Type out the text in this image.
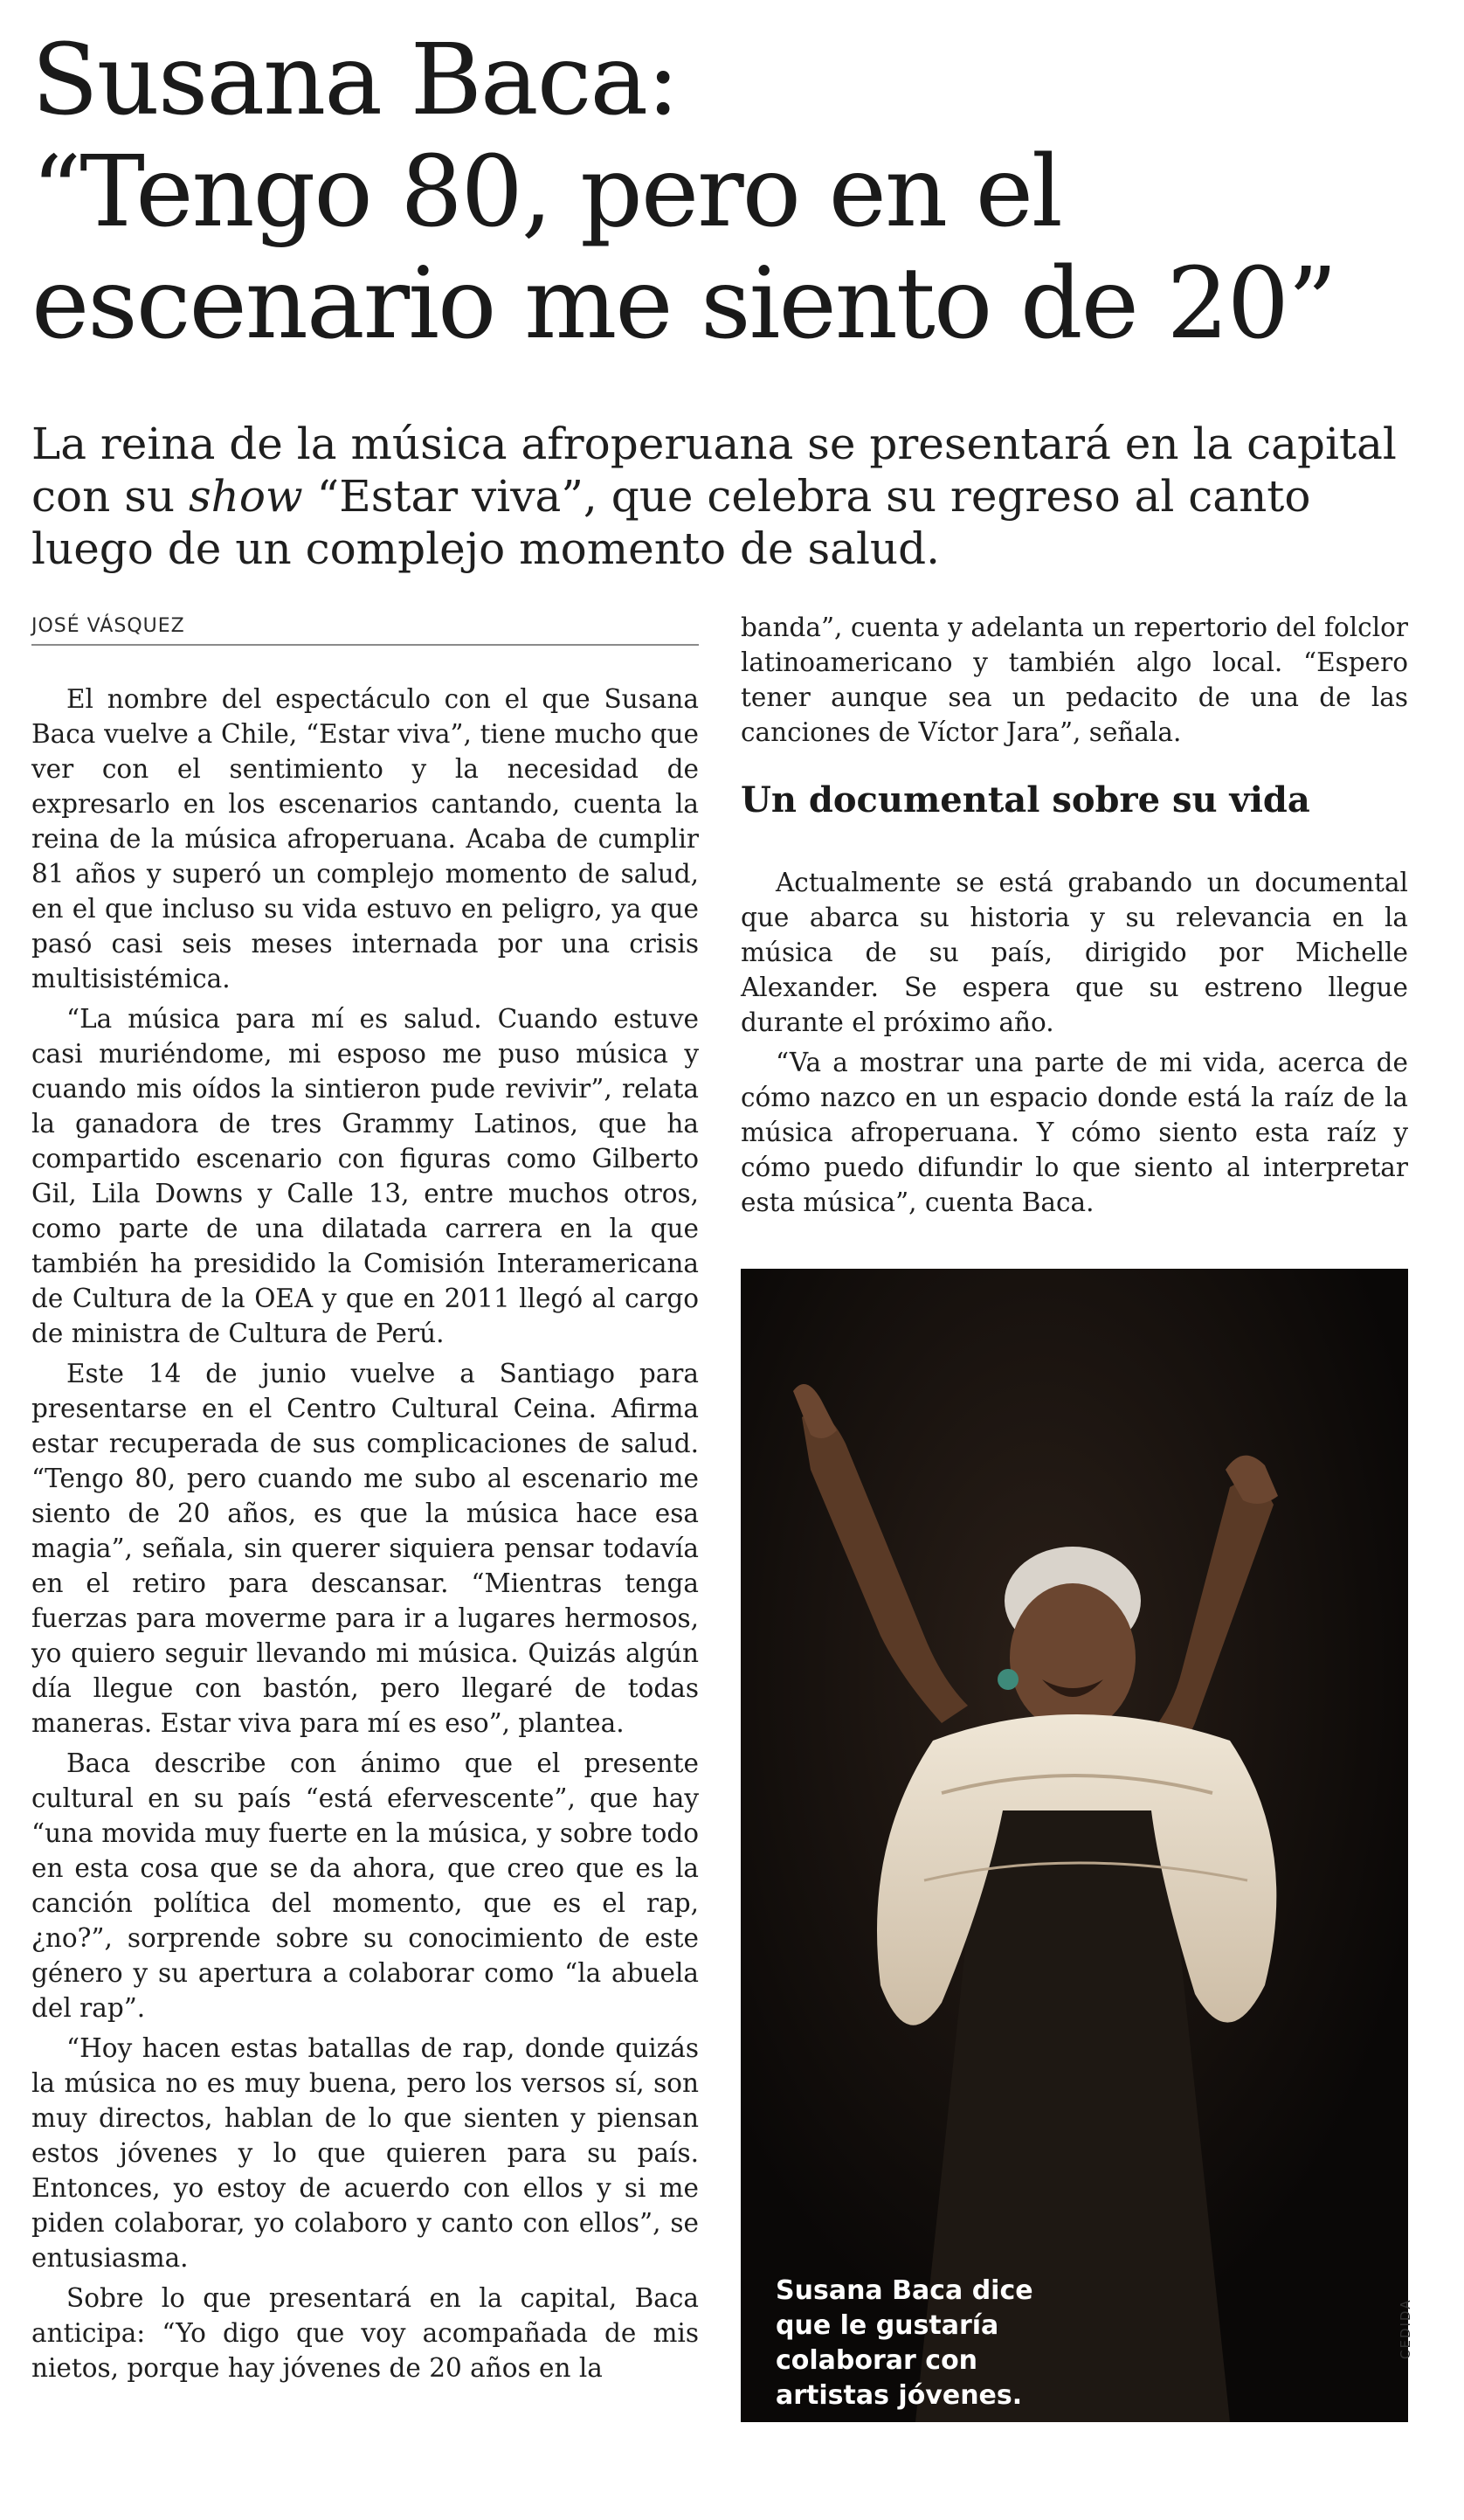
Susana Baca:
“Tengo 80, pero en el
escenario me siento de 20”
La reina de la música afroperuana se presentará en la capital
con su show “Estar viva”, que celebra su regreso al canto
luego de un complejo momento de salud.
JOSÉ VÁSQUEZ

El nombre del espectáculo con el que Susana Baca vuelve a Chile, “Estar viva”, tiene mucho que ver con el sentimiento y la necesidad de expresarlo en los escenarios cantando, cuenta la reina de la música afroperuana. Acaba de cumplir 81 años y superó un complejo momento de salud, en el que incluso su vida estuvo en peligro, ya que pasó casi seis meses internada por una crisis multisistémica.

“La música para mí es salud. Cuando estuve casi muriéndome, mi esposo me puso música y cuando mis oídos la sintieron pude revivir”, relata la ganadora de tres Grammy Latinos, que ha compartido escenario con figuras como Gilberto Gil, Lila Downs y Calle 13, entre muchos otros, como parte de una dilatada carrera en la que también ha presidido la Comisión Interamericana de Cultura de la OEA y que en 2011 llegó al cargo de ministra de Cultura de Perú.

Este 14 de junio vuelve a Santiago para presentarse en el Centro Cultural Ceina. Afirma estar recuperada de sus complicaciones de salud. “Tengo 80, pero cuando me subo al escenario me siento de 20 años, es que la música hace esa magia”, señala, sin querer siquiera pensar todavía en el retiro para descansar. “Mientras tenga fuerzas para moverme para ir a lugares hermosos, yo quiero seguir llevando mi música. Quizás algún día llegue con bastón, pero llegaré de todas maneras. Estar viva para mí es eso”, plantea.

Baca describe con ánimo que el presente cultural en su país “está efervescente”, que hay “una movida muy fuerte en la música, y sobre todo en esta cosa que se da ahora, que creo que es la canción política del momento, que es el rap, ¿no?”, sorprende sobre su conocimiento de este género y su apertura a colaborar como “la abuela del rap”.

“Hoy hacen estas batallas de rap, donde quizás la música no es muy buena, pero los versos sí, son muy directos, hablan de lo que sienten y piensan estos jóvenes y lo que quieren para su país. Entonces, yo estoy de acuerdo con ellos y si me piden colaborar, yo colaboro y canto con ellos”, se entusiasma.

Sobre lo que presentará en la capital, Baca anticipa: “Yo digo que voy acompañada de mis nietos, porque hay jóvenes de 20 años en la

banda”, cuenta y adelanta un repertorio del folclor latinoamericano y también algo local. “Espero tener aunque sea un pedacito de una de las canciones de Víctor Jara”, señala.

Un documental sobre su vida

Actualmente se está grabando un documental que abarca su historia y su relevancia en la música de su país, dirigido por Michelle Alexander. Se espera que su estreno llegue durante el próximo año.

“Va a mostrar una parte de mi vida, acerca de cómo nazco en un espacio donde está la raíz de la música afroperuana. Y cómo siento esta raíz y cómo puedo difundir lo que siento al interpretar esta música”, cuenta Baca.

Susana Baca dice que le gustaría colaborar con artistas jóvenes.
CEDIDA
